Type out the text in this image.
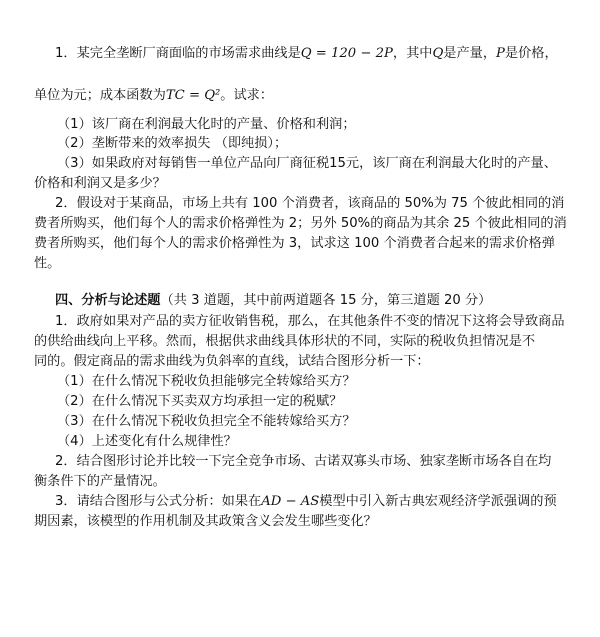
1．某完全垄断厂商面临的市场需求曲线是Q = 120 − 2P，其中Q是产量，P是价格，
单位为元；成本函数为TC = Q²。试求：
（1）该厂商在利润最大化时的产量、价格和利润；
（2）垄断带来的效率损失 （即纯损）；
（3）如果政府对每销售一单位产品向厂商征税15元，该厂商在利润最大化时的产量、
价格和利润又是多少？
2．假设对于某商品，市场上共有 100 个消费者，该商品的 50%为 75 个彼此相同的消
费者所购买，他们每个人的需求价格弹性为 2；另外 50%的商品为其余 25 个彼此相同的消
费者所购买，他们每个人的需求价格弹性为 3，试求这 100 个消费者合起来的需求价格弹
性。
四、分析与论述题（共 3 道题，其中前两道题各 15 分，第三道题 20 分）
1．政府如果对产品的卖方征收销售税，那么，在其他条件不变的情况下这将会导致商品
的供给曲线向上平移。然而，根据供求曲线具体形状的不同，实际的税收负担情况是不
同的。假定商品的需求曲线为负斜率的直线，试结合图形分析一下：
（1）在什么情况下税收负担能够完全转嫁给买方？
（2）在什么情况下买卖双方均承担一定的税赋？
（3）在什么情况下税收负担完全不能转嫁给买方？
（4）上述变化有什么规律性？
2．结合图形讨论并比较一下完全竞争市场、古诺双寡头市场、独家垄断市场各自在均
衡条件下的产量情况。
3．请结合图形与公式分析：如果在AD − AS模型中引入新古典宏观经济学派强调的预
期因素，该模型的作用机制及其政策含义会发生哪些变化？
